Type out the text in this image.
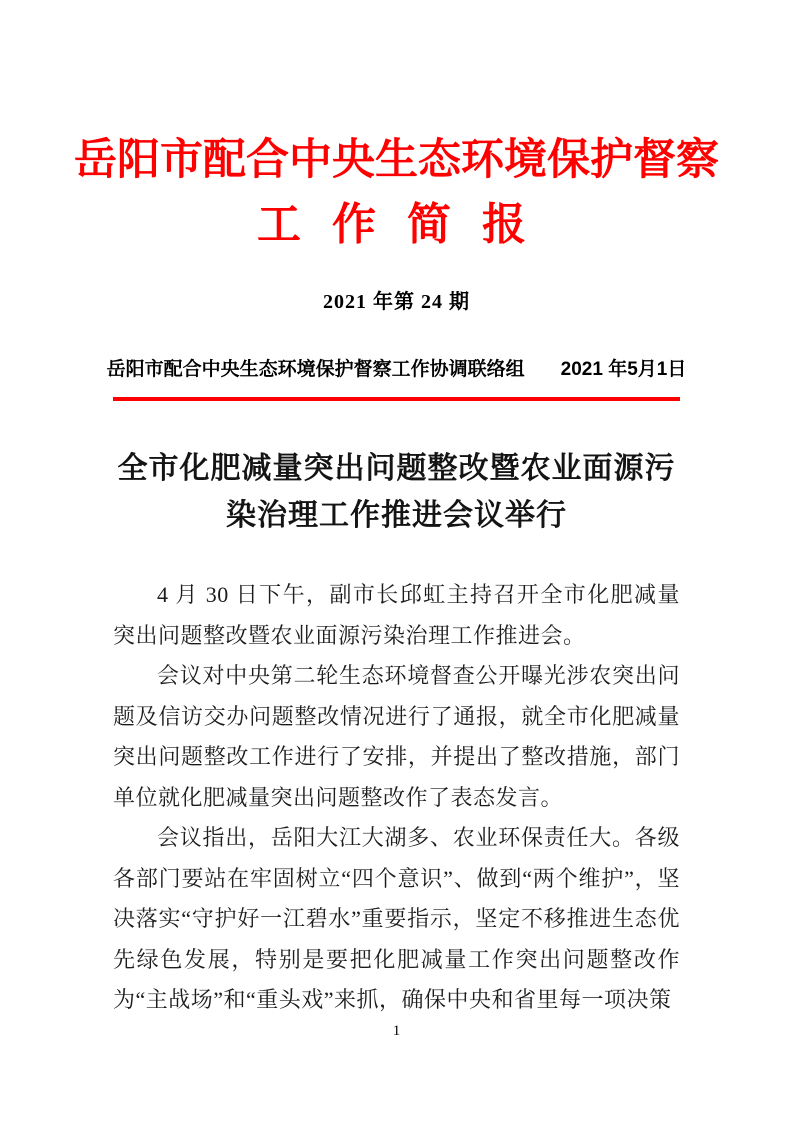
岳阳市配合中央生态环境保护督察
工 作 简 报
2021 年第 24 期
岳阳市配合中央生态环境保护督察工作协调联络组 2021 年5月1日
全市化肥减量突出问题整改暨农业面源污染治理工作推进会议举行

4 月 30 日下午，副市长邱虹主持召开全市化肥减量突出问题整改暨农业面源污染治理工作推进会。

会议对中央第二轮生态环境督查公开曝光涉农突出问题及信访交办问题整改情况进行了通报，就全市化肥减量突出问题整改工作进行了安排，并提出了整改措施，部门单位就化肥减量突出问题整改作了表态发言。

会议指出，岳阳大江大湖多、农业环保责任大。各级各部门要站在牢固树立“四个意识”、做到“两个维护”，坚决落实“守护好一江碧水”重要指示，坚定不移推进生态优先绿色发展，特别是要把化肥减量工作突出问题整改作为“主战场”和“重头戏”来抓，确保中央和省里每一项决策

1
